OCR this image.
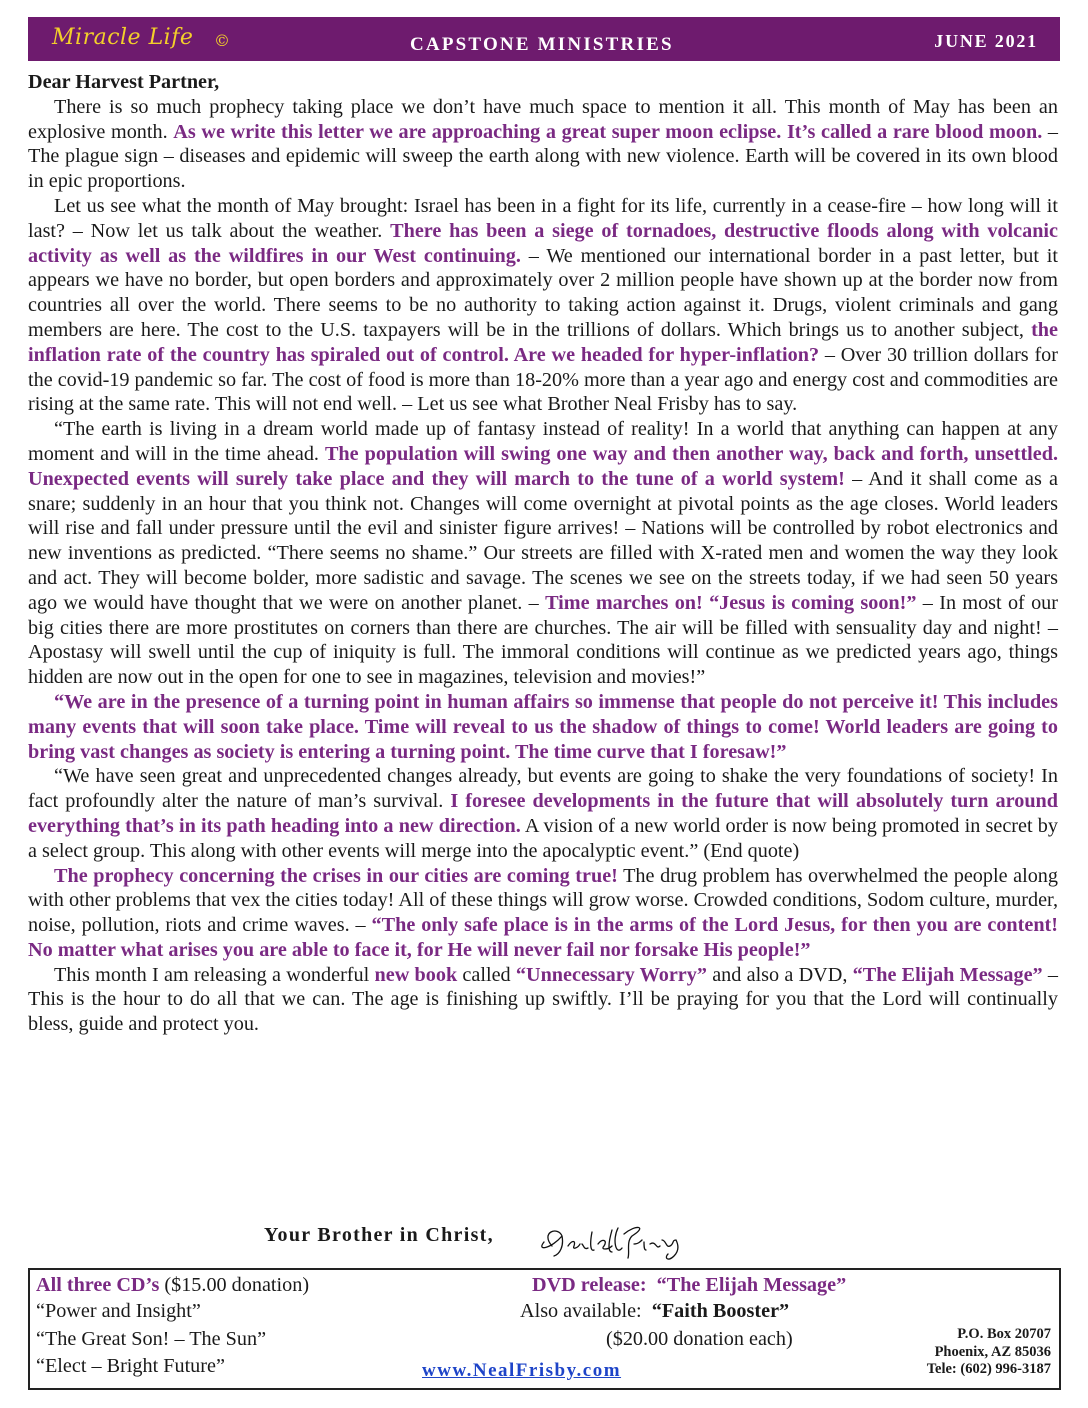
Miracle Life ©	CAPSTONE MINISTRIES	JUNE 2021

Dear Harvest Partner,

There is so much prophecy taking place we don’t have much space to mention it all. This month of May has been an explosive month. As we write this letter we are approaching a great super moon eclipse. It’s called a rare blood moon. – The plague sign – diseases and epidemic will sweep the earth along with new violence. Earth will be covered in its own blood in epic proportions.

Let us see what the month of May brought: Israel has been in a fight for its life, currently in a cease-fire – how long will it last? – Now let us talk about the weather. There has been a siege of tornadoes, destructive floods along with volcanic activity as well as the wildfires in our West continuing. – We mentioned our international border in a past letter, but it appears we have no border, but open borders and approximately over 2 million people have shown up at the border now from countries all over the world. There seems to be no authority to taking action against it. Drugs, violent criminals and gang members are here. The cost to the U.S. taxpayers will be in the trillions of dollars. Which brings us to another subject, the inflation rate of the country has spiraled out of control. Are we headed for hyper-inflation? – Over 30 trillion dollars for the covid-19 pandemic so far. The cost of food is more than 18-20% more than a year ago and energy cost and commodities are rising at the same rate. This will not end well. – Let us see what Brother Neal Frisby has to say.

“The earth is living in a dream world made up of fantasy instead of reality! In a world that anything can happen at any moment and will in the time ahead. The population will swing one way and then another way, back and forth, unsettled. Unexpected events will surely take place and they will march to the tune of a world system! – And it shall come as a snare; suddenly in an hour that you think not. Changes will come overnight at pivotal points as the age closes. World leaders will rise and fall under pressure until the evil and sinister figure arrives! – Nations will be controlled by robot electronics and new inventions as predicted. “There seems no shame.” Our streets are filled with X-rated men and women the way they look and act. They will become bolder, more sadistic and savage. The scenes we see on the streets today, if we had seen 50 years ago we would have thought that we were on another planet. – Time marches on! “Jesus is coming soon!” – In most of our big cities there are more prostitutes on corners than there are churches. The air will be filled with sensuality day and night! – Apostasy will swell until the cup of iniquity is full. The immoral conditions will continue as we predicted years ago, things hidden are now out in the open for one to see in magazines, television and movies!”

“We are in the presence of a turning point in human affairs so immense that people do not perceive it! This includes many events that will soon take place. Time will reveal to us the shadow of things to come! World leaders are going to bring vast changes as society is entering a turning point. The time curve that I foresaw!”

“We have seen great and unprecedented changes already, but events are going to shake the very foundations of society! In fact profoundly alter the nature of man’s survival. I foresee developments in the future that will absolutely turn around everything that’s in its path heading into a new direction. A vision of a new world order is now being promoted in secret by a select group. This along with other events will merge into the apocalyptic event.” (End quote)

The prophecy concerning the crises in our cities are coming true! The drug problem has overwhelmed the people along with other problems that vex the cities today! All of these things will grow worse. Crowded conditions, Sodom culture, murder, noise, pollution, riots and crime waves. – “The only safe place is in the arms of the Lord Jesus, for then you are content! No matter what arises you are able to face it, for He will never fail nor forsake His people!”

This month I am releasing a wonderful new book called “Unnecessary Worry” and also a DVD, “The Elijah Message” – This is the hour to do all that we can. The age is finishing up swiftly. I’ll be praying for you that the Lord will continually bless, guide and protect you.

Your Brother in Christ,
Gerald Frisby
All three CD’s ($15.00 donation)
“Power and Insight”
“The Great Son! – The Sun”
“Elect – Bright Future”
DVD release: “The Elijah Message”
Also available: “Faith Booster”
($20.00 donation each)
www.NealFrisby.com
P.O. Box 20707
Phoenix, AZ 85036
Tele: (602) 996-3187
